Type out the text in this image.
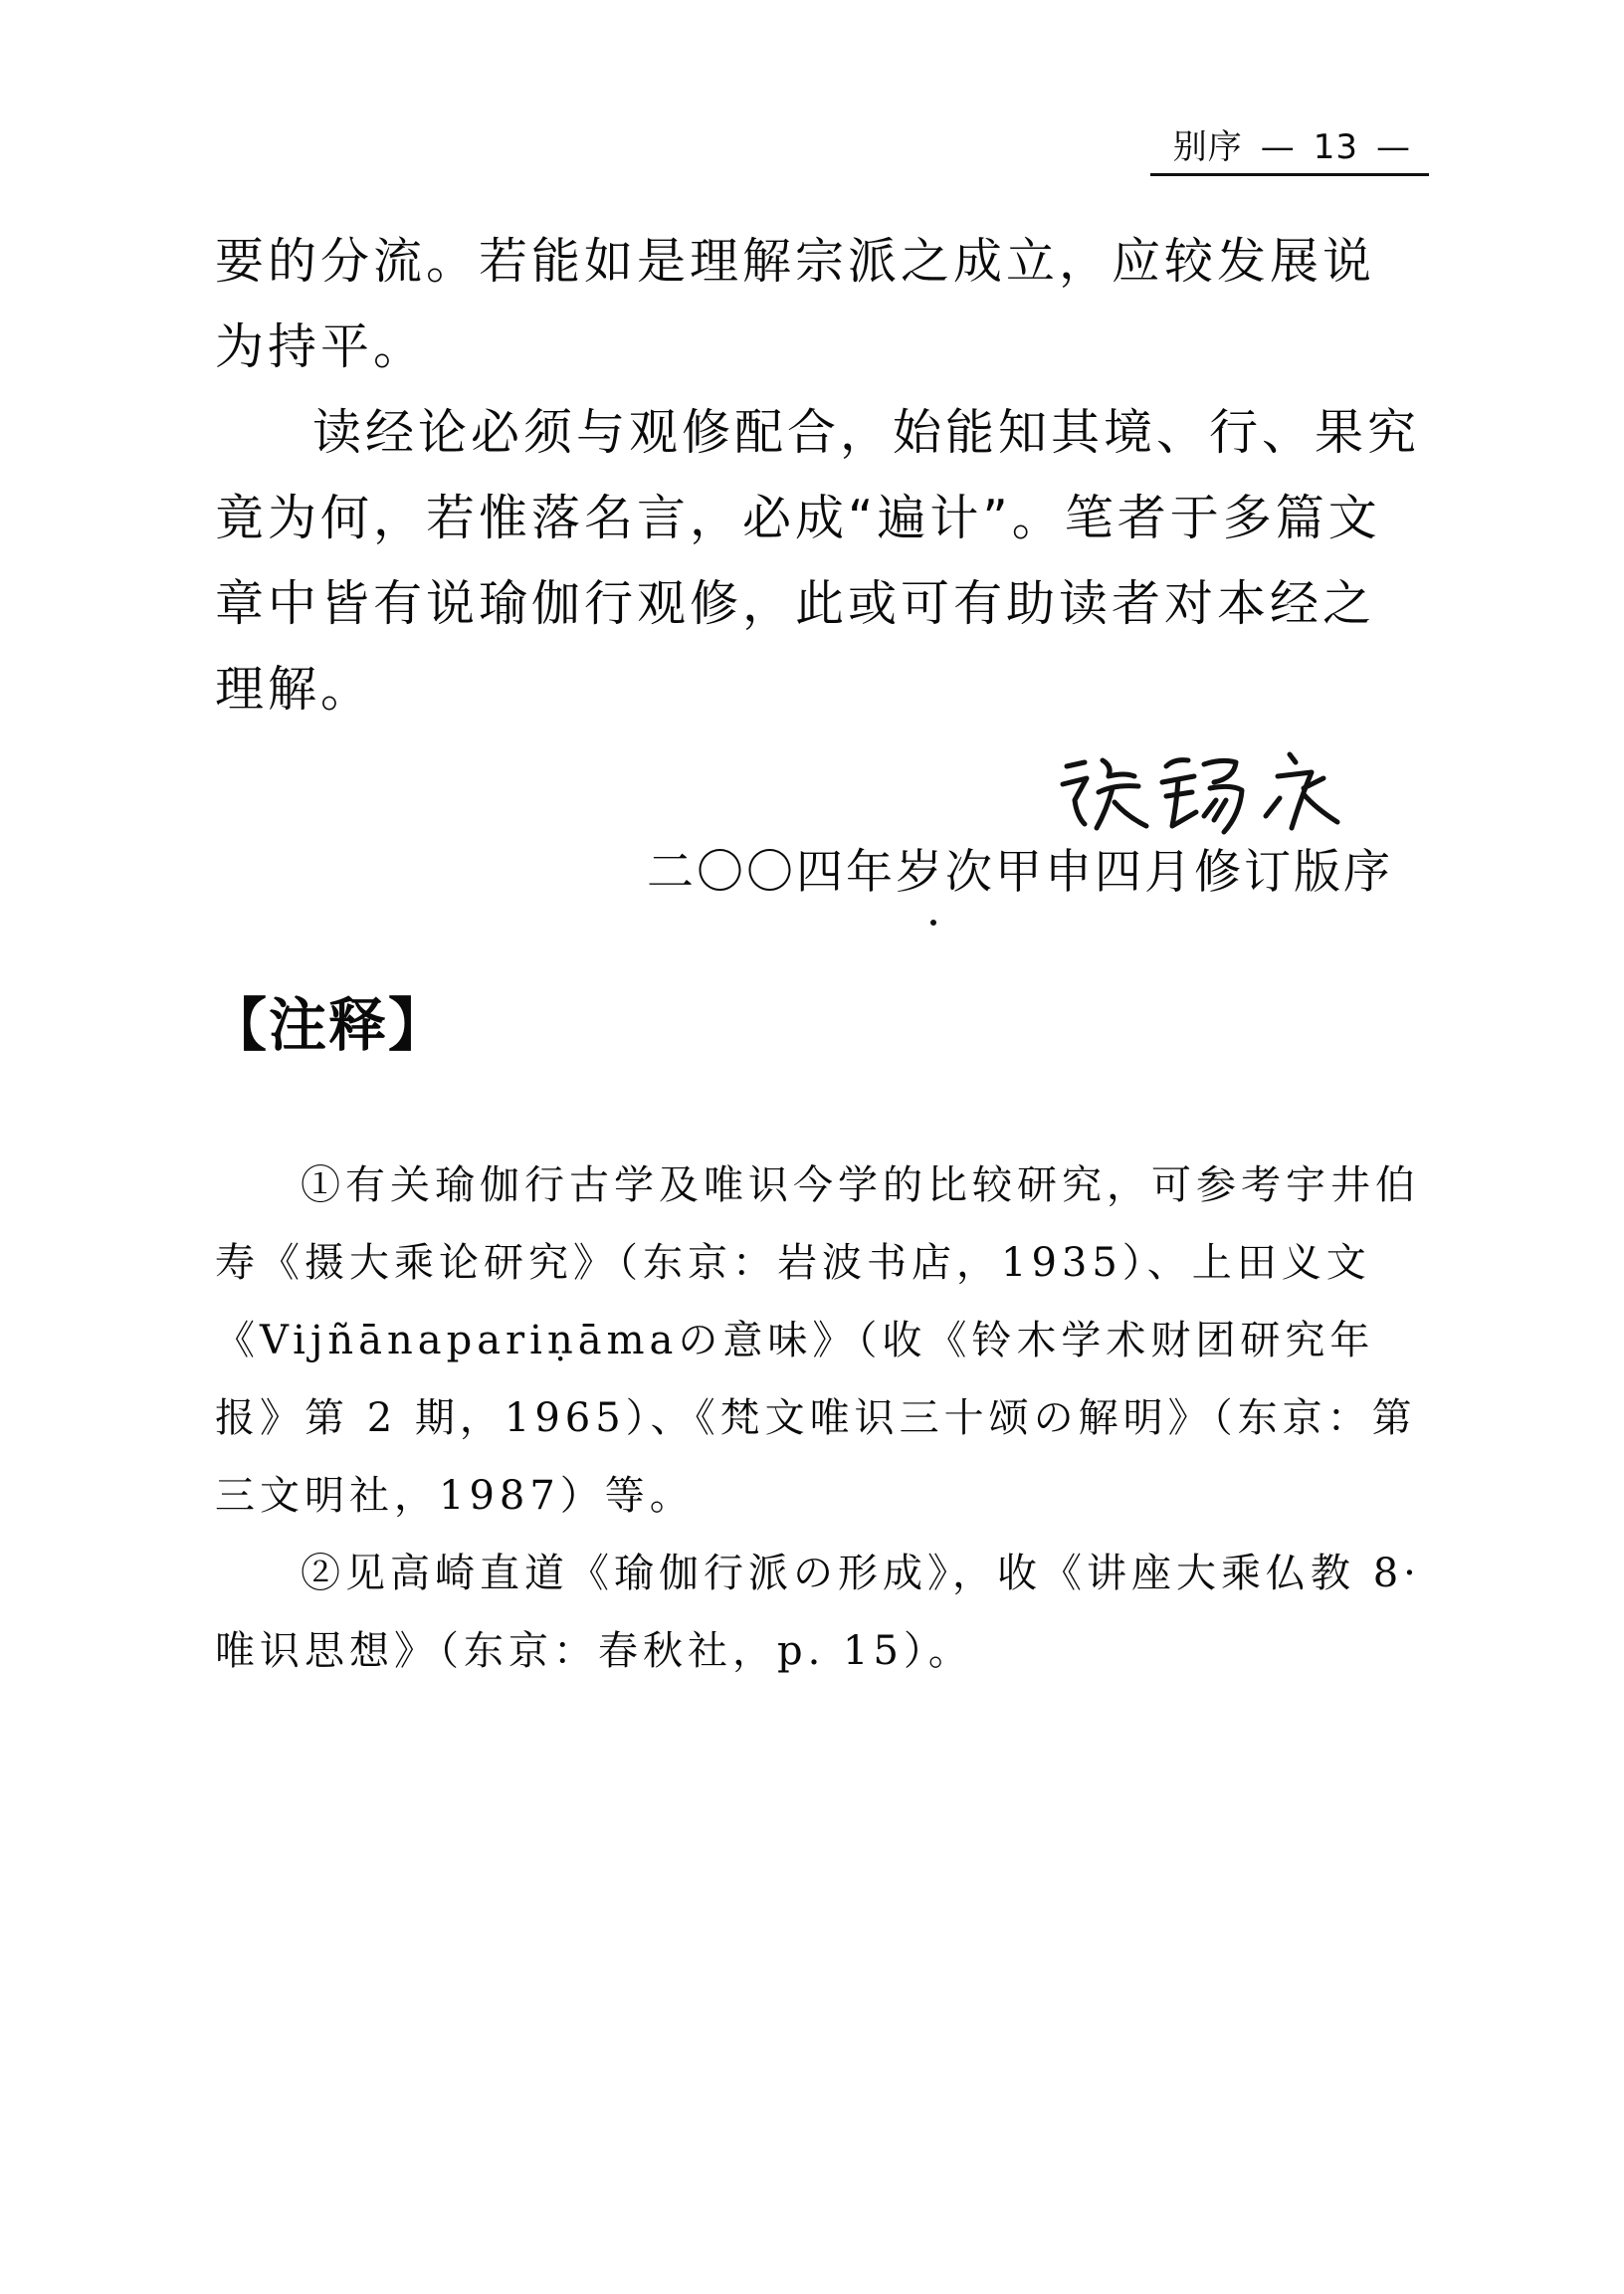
别序 — 13 —

要的分流。若能如是理解宗派之成立，应较发展说为持平。

读经论必须与观修配合，始能知其境、行、果究竟为何，若惟落名言，必成“遍计”。笔者于多篇文章中皆有说瑜伽行观修，此或可有助读者对本经之理解。

二〇〇四年岁次甲申四月修订版序
【注释】

①有关瑜伽行古学及唯识今学的比较研究，可参考宇井伯寿《摄大乘论研究》（东京：岩波书店，1935）、上田义文《Vijñānapariṇāmaの意味》（收《铃木学术财团研究年报》第 2 期，1965）、《梵文唯识三十颂の解明》（东京：第三文明社，1987）等。

②见高崎直道《瑜伽行派の形成》，收《讲座大乘仏教 8·唯识思想》（东京：春秋社，p. 15）。
